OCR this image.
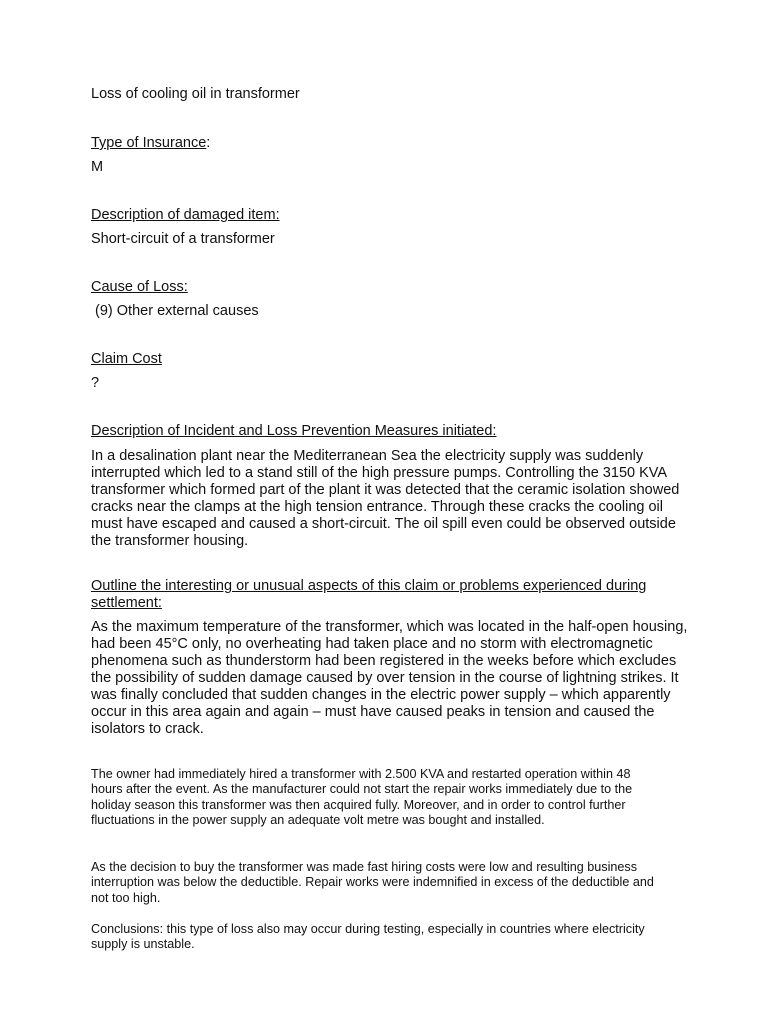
Loss of cooling oil in transformer

Type of Insurance:

M

Description of damaged item:

Short-circuit of a transformer

Cause of Loss:

(9) Other external causes

Claim Cost

?

Description of Incident and Loss Prevention Measures initiated:

In a desalination plant near the Mediterranean Sea the electricity supply was suddenly interrupted which led to a stand still of the high pressure pumps. Controlling the 3150 KVA transformer which formed part of the plant it was detected that the ceramic isolation showed cracks near the clamps at the high tension entrance. Through these cracks the cooling oil must have escaped and caused a short-circuit. The oil spill even could be observed outside the transformer housing.

Outline the interesting or unusual aspects of this claim or problems experienced during settlement:

As the maximum temperature of the transformer, which was located in the half-open housing, had been 45°C only, no overheating had taken place and no storm with electromagnetic phenomena such as thunderstorm had been registered in the weeks before which excludes the possibility of sudden damage caused by over tension in the course of lightning strikes. It was finally concluded that sudden changes in the electric power supply – which apparently occur in this area again and again – must have caused peaks in tension and caused the isolators to crack.

The owner had immediately hired a transformer with 2.500 KVA and restarted operation within 48 hours after the event. As the manufacturer could not start the repair works immediately due to the holiday season this transformer was then acquired fully. Moreover, and in order to control further fluctuations in the power supply an adequate volt metre was bought and installed.

As the decision to buy the transformer was made fast hiring costs were low and resulting business interruption was below the deductible. Repair works were indemnified in excess of the deductible and not too high.

Conclusions: this type of loss also may occur during testing, especially in countries where electricity supply is unstable.
